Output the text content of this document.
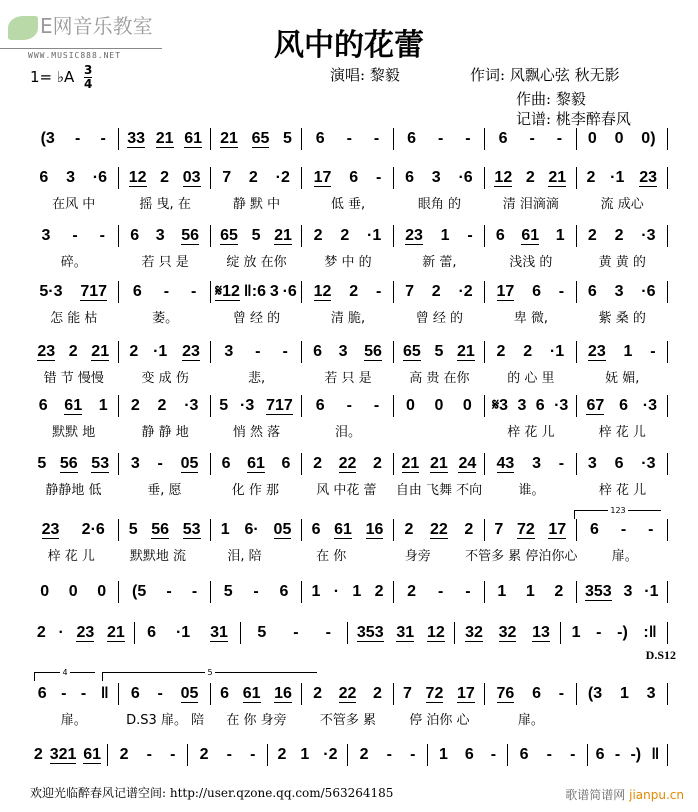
E网音乐教室
WWW.MUSIC888.NET	风中的花蕾
1= ♭A 3
4	演唱: 黎毅	作词: 风飘心弦 秋无影
作曲: 黎毅
记谱: 桃李醉春风
(3 - - 33 21 61 21 65 5 6 - - 6 - - 6 - - 0 0 0)
6 3 ·6 12 2 03 7 2 ·2 17 6 - 6 3 ·6 12 2 21 2 ·1 23
在风 中	摇 曳, 在	静 默 中	低 垂,	眼角 的	清 泪滴滴	流 成心
3 - - 6 3 56 65 5 21 2 2 ·1 23 1 - 6 61 1 2 2 ·3
碎。	若 只 是	绽 放 在你	梦 中 的	新 蕾,	浅浅 的	黄 黄 的
5·3 717 6 - - 𝄋12 ‖:6 3 ·6 12 2 - 7 2 ·2 17 6 - 6 3 ·6
怎 能 枯	萎。	曾 经 的	清 脆,	曾 经 的	卑 微,	紫 桑 的
23 2 21 2 ·1 23 3 - - 6 3 56 65 5 21 2 2 ·1 23 1 -
错 节 慢慢	变 成 伤	悲,	若 只 是	高 贵 在你	的 心 里	妩 媚,
6 61 1 2 2 ·3 5 ·3 717 6 - - 0 0 0 𝄋3 3 6 ·3 67 6 ·3
默默 地	静 静 地	悄 然 落	泪。	梓 花 儿	梓 花 儿
5 56 53 3 - 05 6 61 6 2 22 2 21 21 24 43 3 - 3 6 ·3
静静地 低	垂, 愿	化 作 那	风 中花 蕾	自由 飞舞 不向	谁。	梓 花 儿
23 2·6 5 56 53 1 6· 05 6 61 16 2 22 2 7 72 17 6 - -
梓 花 儿	默默地 流	泪, 陪	在 你	身旁	不管多 累 停泊你心	扉。
0 0 0 (5 - - 5 - 6 1 · 1 2 2 - - 1 1 2 353 3 ·1
2 · 23 21 6 ·1 31 5 - - 353 31 12 32 32 13 1 - -) :‖
6 - - ‖ 6 - 05 6 61 16 2 22 2 7 72 17 76 6 - (3 1 3
扉。	D.S3 扉。 陪	在 你 身旁	不管多 累	停 泊你 心	扉。
2 321 61 2 - - 2 - - 2 1 ·2 2 - - 1 6 - 6 - - 6 - -) ‖
123
4	5
D.S12
欢迎光临醉春风记谱空间: http://user.qzone.qq.com/563264185	歌谱简谱网 jianpu.cn
